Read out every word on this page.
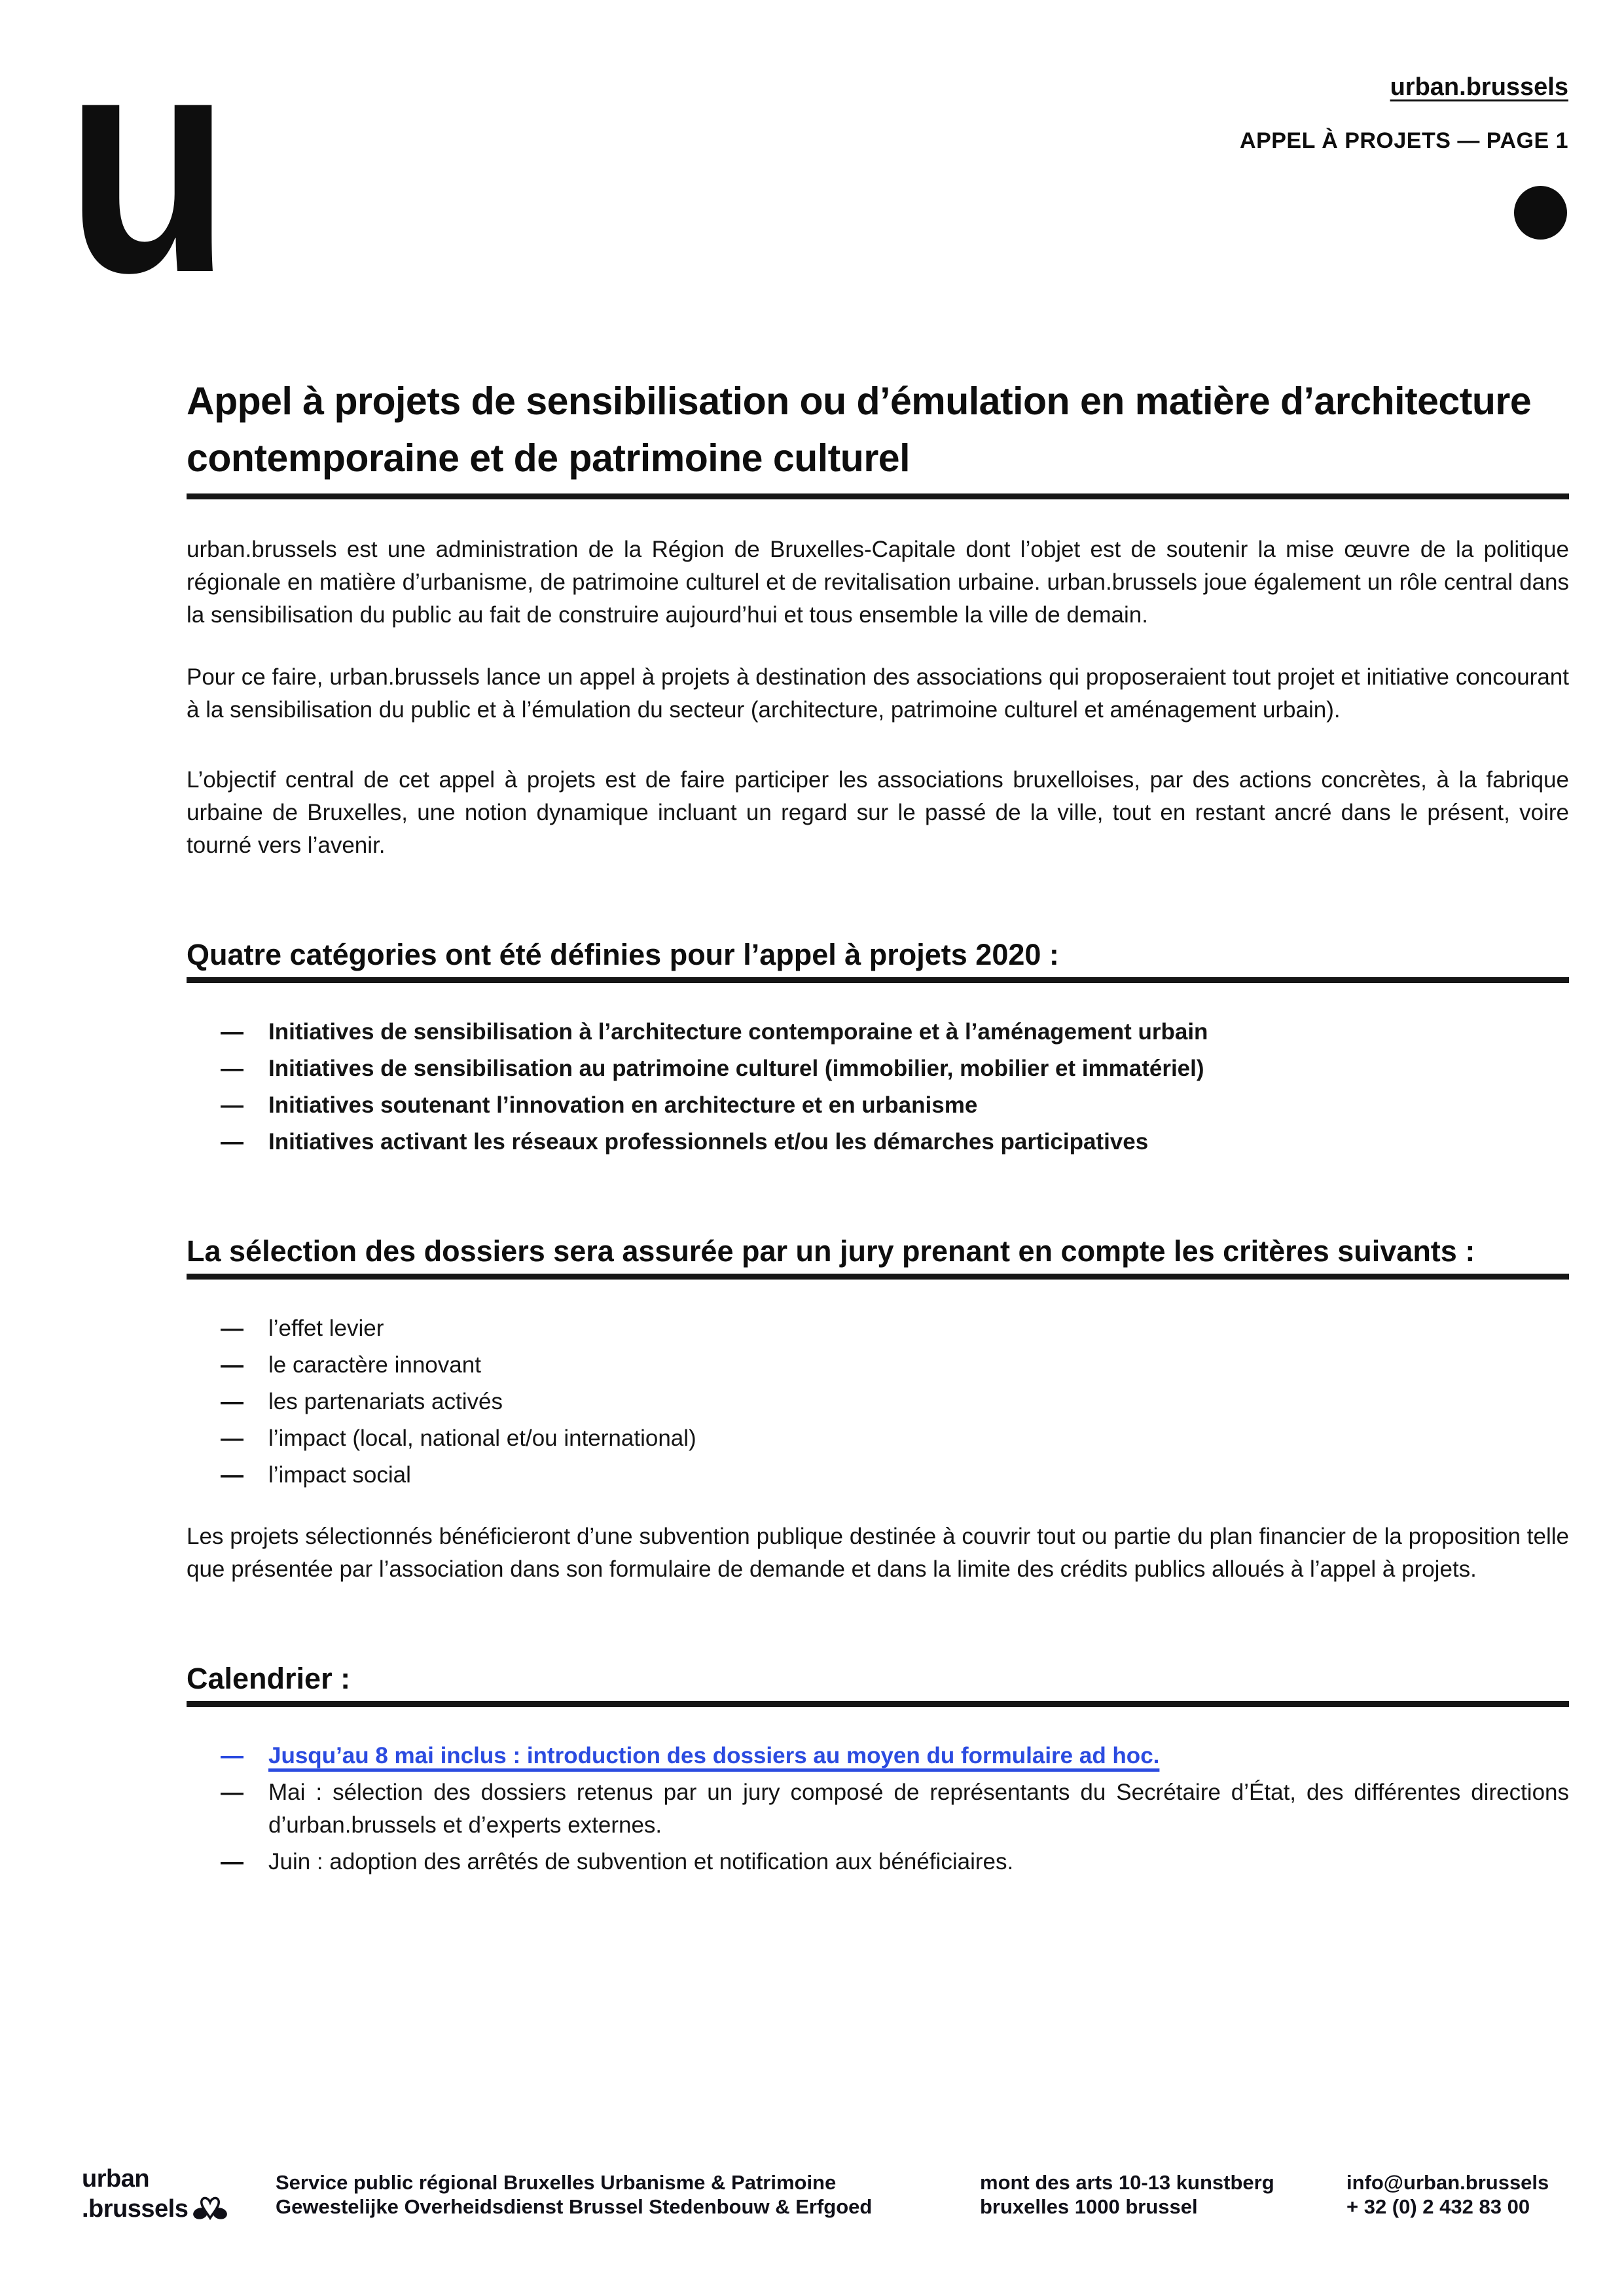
u	urban.brussels
APPEL À PROJETS — PAGE 1
Appel à projets de sensibilisation ou d’émulation en matière d’architecture contemporaine et de patrimoine culturel

urban.brussels est une administration de la Région de Bruxelles-Capitale dont l’objet est de soutenir la mise œuvre de la politique régionale en matière d’urbanisme, de patrimoine culturel et de revitalisation urbaine. urban.brussels joue également un rôle central dans la sensibilisation du public au fait de construire aujourd’hui et tous ensemble la ville de demain.

Pour ce faire, urban.brussels lance un appel à projets à destination des associations qui proposeraient tout projet et initiative concourant à la sensibilisation du public et à l’émulation du secteur (architecture, patrimoine culturel et aménagement urbain).

L’objectif central de cet appel à projets est de faire participer les associations bruxelloises, par des actions concrètes, à la fabrique urbaine de Bruxelles, une notion dynamique incluant un regard sur le passé de la ville, tout en restant ancré dans le présent, voire tourné vers l’avenir.

Quatre catégories ont été définies pour l’appel à projets 2020 :
— Initiatives de sensibilisation à l’architecture contemporaine et à l’aménagement urbain
— Initiatives de sensibilisation au patrimoine culturel (immobilier, mobilier et immatériel)
— Initiatives soutenant l’innovation en architecture et en urbanisme
— Initiatives activant les réseaux professionnels et/ou les démarches participatives
La sélection des dossiers sera assurée par un jury prenant en compte les critères suivants :
— l’effet levier
— le caractère innovant
— les partenariats activés
— l’impact (local, national et/ou international)
— l’impact social

Les projets sélectionnés bénéficieront d’une subvention publique destinée à couvrir tout ou partie du plan financier de la proposition telle que présentée par l’association dans son formulaire de demande et dans la limite des crédits publics alloués à l’appel à projets.

Calendrier :
— Jusqu’au 8 mai inclus : introduction des dossiers au moyen du formulaire ad hoc.
— Mai : sélection des dossiers retenus par un jury composé de représentants du Secrétaire d’État, des différentes directions d’urban.brussels et d’experts externes.
— Juin : adoption des arrêtés de subvention et notification aux bénéficiaires.
urban
.brussels
Service public régional Bruxelles Urbanisme & Patrimoine
Gewestelijke Overheidsdienst Brussel Stedenbouw & Erfgoed
mont des arts 10-13 kunstberg
bruxelles 1000 brussel
info@urban.brussels
+ 32 (0) 2 432 83 00
